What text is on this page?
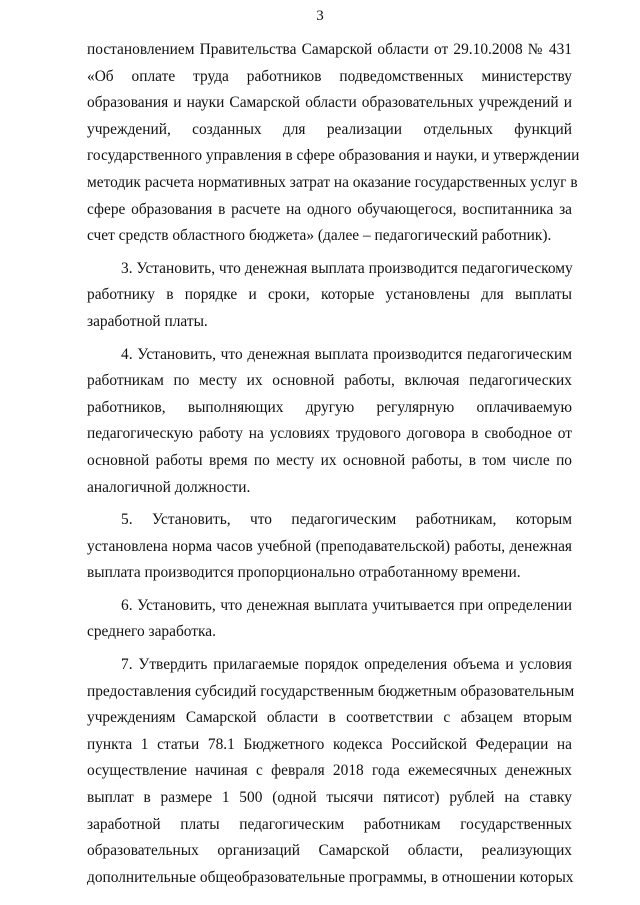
3
постановлением Правительства Самарской области от 29.10.2008 № 431
«Об оплате труда работников подведомственных министерству
образования и науки Самарской области образовательных учреждений и
учреждений, созданных для реализации отдельных функций
государственного управления в сфере образования и науки, и утверждении
методик расчета нормативных затрат на оказание государственных услуг в
сфере образования в расчете на одного обучающегося, воспитанника за
счет средств областного бюджета» (далее – педагогический работник).
3. Установить, что денежная выплата производится педагогическому
работнику в порядке и сроки, которые установлены для выплаты
заработной платы.
4. Установить, что денежная выплата производится педагогическим
работникам по месту их основной работы, включая педагогических
работников, выполняющих другую регулярную оплачиваемую
педагогическую работу на условиях трудового договора в свободное от
основной работы время по месту их основной работы, в том числе по
аналогичной должности.
5. Установить, что педагогическим работникам, которым
установлена норма часов учебной (преподавательской) работы, денежная
выплата производится пропорционально отработанному времени.
6. Установить, что денежная выплата учитывается при определении
среднего заработка.
7. Утвердить прилагаемые порядок определения объема и условия
предоставления субсидий государственным бюджетным образовательным
учреждениям Самарской области в соответствии с абзацем вторым
пункта 1 статьи 78.1 Бюджетного кодекса Российской Федерации на
осуществление начиная с февраля 2018 года ежемесячных денежных
выплат в размере 1 500 (одной тысячи пятисот) рублей на ставку
заработной платы педагогическим работникам государственных
образовательных организаций Самарской области, реализующих
дополнительные общеобразовательные программы, в отношении которых
